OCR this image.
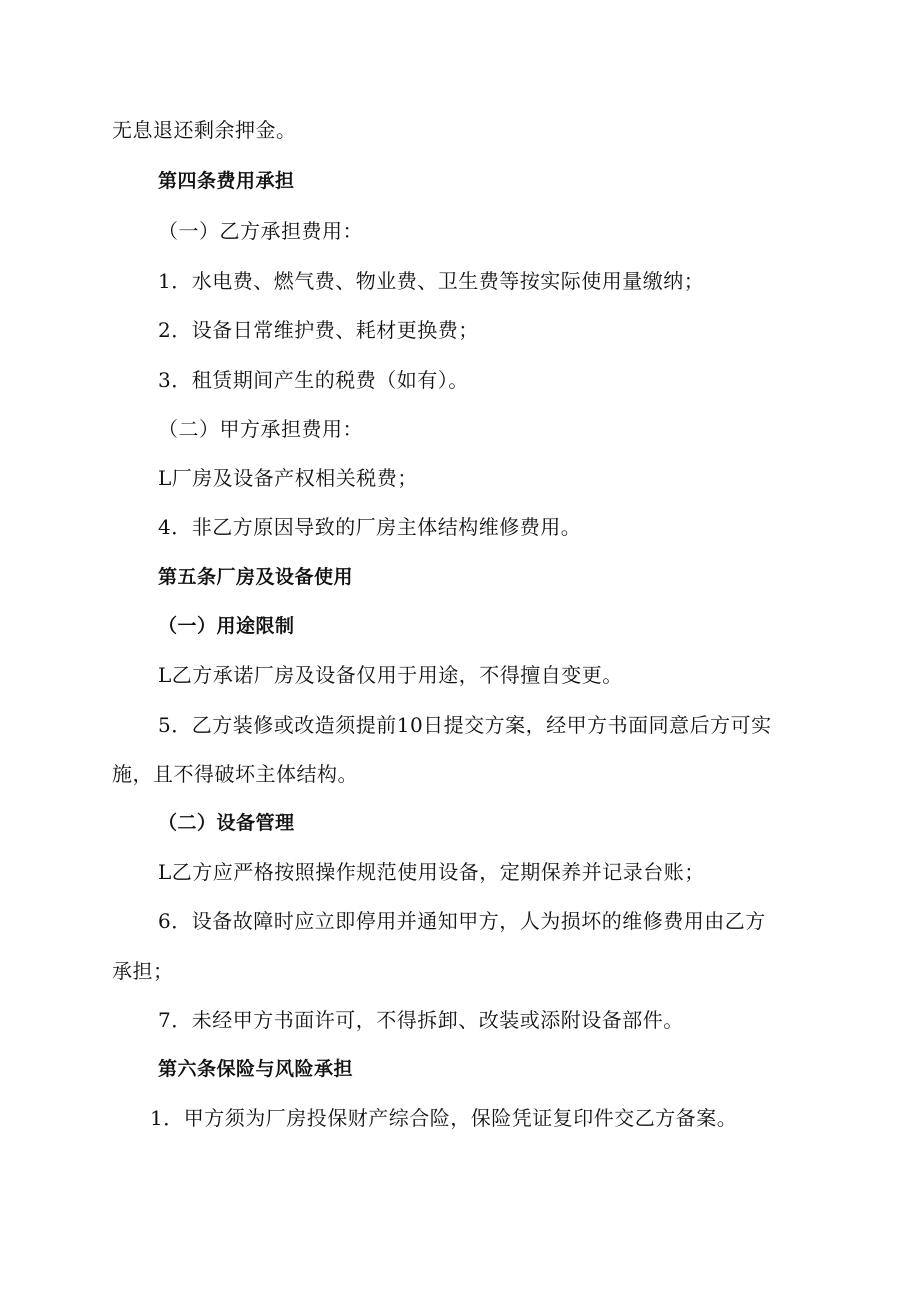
无息退还剩余押金。
第四条费用承担
（一）乙方承担费用：
1．水电费、燃气费、物业费、卫生费等按实际使用量缴纳；
2．设备日常维护费、耗材更换费；
3．租赁期间产生的税费（如有）。
（二）甲方承担费用：
L厂房及设备产权相关税费；
4．非乙方原因导致的厂房主体结构维修费用。
第五条厂房及设备使用
（一）用途限制
L乙方承诺厂房及设备仅用于用途，不得擅自变更。
5．乙方装修或改造须提前10日提交方案，经甲方书面同意后方可实
施，且不得破坏主体结构。
（二）设备管理
L乙方应严格按照操作规范使用设备，定期保养并记录台账；
6．设备故障时应立即停用并通知甲方，人为损坏的维修费用由乙方
承担；
7．未经甲方书面许可，不得拆卸、改装或添附设备部件。
第六条保险与风险承担
1．甲方须为厂房投保财产综合险，保险凭证复印件交乙方备案。
